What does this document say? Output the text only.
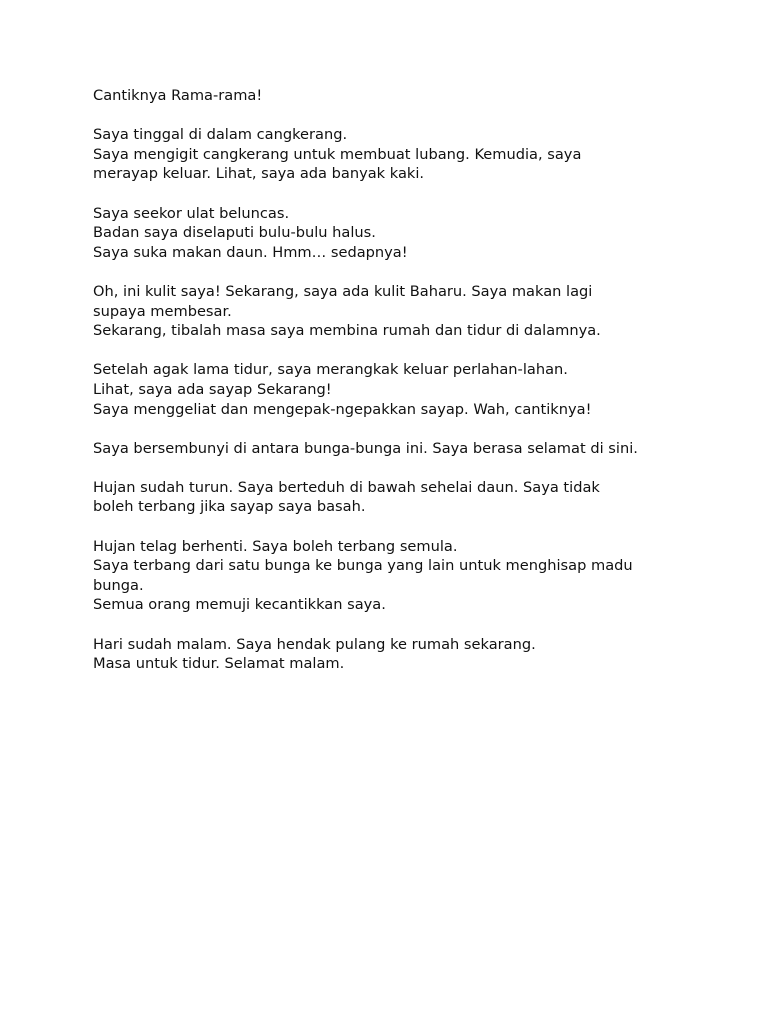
Cantiknya Rama-rama!

Saya tinggal di dalam cangkerang.
Saya mengigit cangkerang untuk membuat lubang. Kemudia, saya
merayap keluar. Lihat, saya ada banyak kaki.

Saya seekor ulat beluncas.
Badan saya diselaputi bulu-bulu halus.
Saya suka makan daun. Hmm… sedapnya!

Oh, ini kulit saya! Sekarang, saya ada kulit Baharu. Saya makan lagi
supaya membesar.
Sekarang, tibalah masa saya membina rumah dan tidur di dalamnya.

Setelah agak lama tidur, saya merangkak keluar perlahan-lahan.
Lihat, saya ada sayap Sekarang!
Saya menggeliat dan mengepak-ngepakkan sayap. Wah, cantiknya!

Saya bersembunyi di antara bunga-bunga ini. Saya berasa selamat di sini.

Hujan sudah turun. Saya berteduh di bawah sehelai daun. Saya tidak
boleh terbang jika sayap saya basah.

Hujan telag berhenti. Saya boleh terbang semula.
Saya terbang dari satu bunga ke bunga yang lain untuk menghisap madu
bunga.
Semua orang memuji kecantikkan saya.

Hari sudah malam. Saya hendak pulang ke rumah sekarang.
Masa untuk tidur. Selamat malam.
